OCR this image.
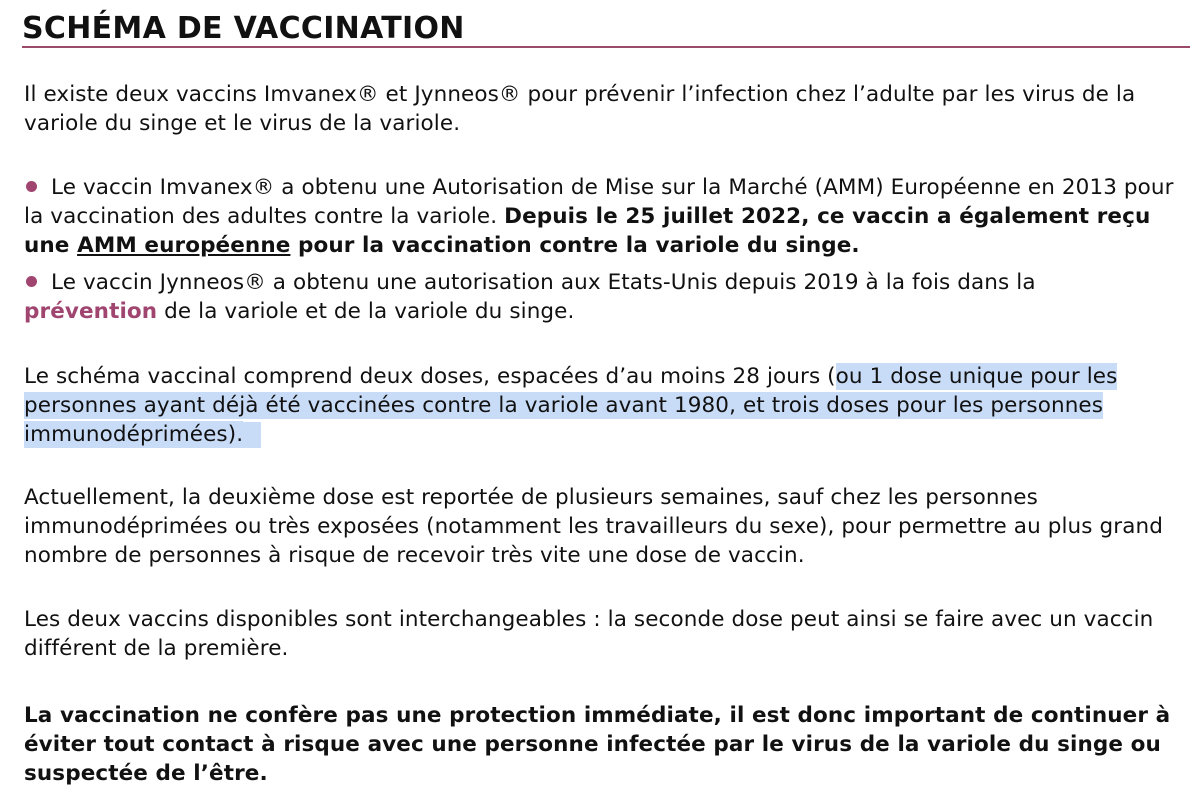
SCHÉMA DE VACCINATION
Il existe deux vaccins Imvanex® et Jynneos® pour prévenir l’infection chez l’adulte par les virus de la variole du singe et le virus de la variole.
Le vaccin Imvanex® a obtenu une Autorisation de Mise sur la Marché (AMM) Européenne en 2013 pour la vaccination des adultes contre la variole. Depuis le 25 juillet 2022, ce vaccin a également reçu une AMM européenne pour la vaccination contre la variole du singe.
Le vaccin Jynneos® a obtenu une autorisation aux Etats-Unis depuis 2019 à la fois dans la prévention de la variole et de la variole du singe.
Le schéma vaccinal comprend deux doses, espacées d’au moins 28 jours (ou 1 dose unique pour les personnes ayant déjà été vaccinées contre la variole avant 1980, et trois doses pour les personnes immunodéprimées).
Actuellement, la deuxième dose est reportée de plusieurs semaines, sauf chez les personnes immunodéprimées ou très exposées (notamment les travailleurs du sexe), pour permettre au plus grand nombre de personnes à risque de recevoir très vite une dose de vaccin.
Les deux vaccins disponibles sont interchangeables : la seconde dose peut ainsi se faire avec un vaccin différent de la première.
La vaccination ne confère pas une protection immédiate, il est donc important de continuer à éviter tout contact à risque avec une personne infectée par le virus de la variole du singe ou suspectée de l’être.
